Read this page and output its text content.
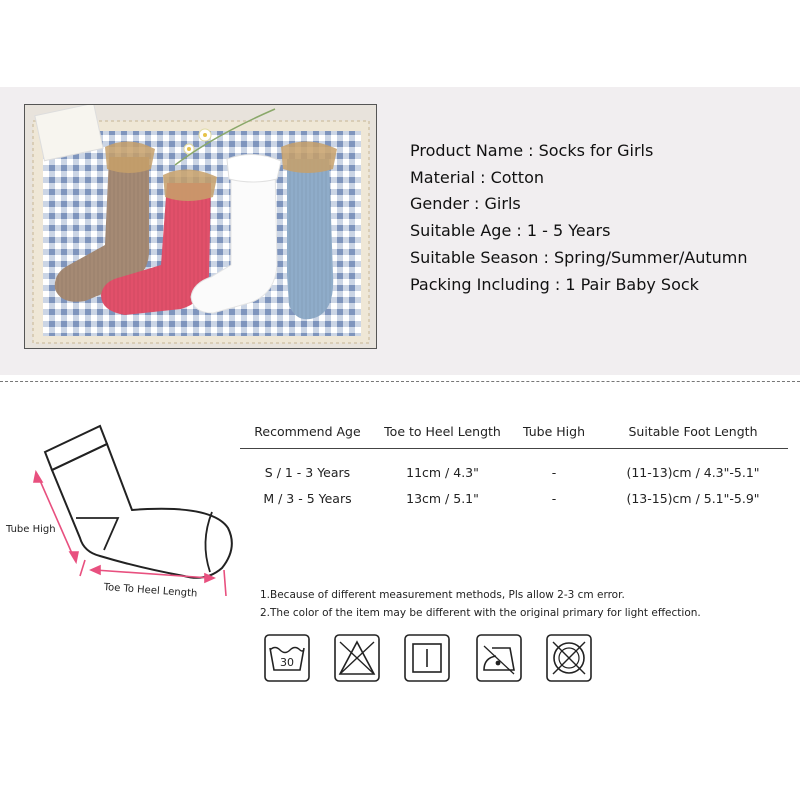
Product Name : Socks for Girls
Material : Cotton
Gender : Girls
Suitable Age : 1 - 5 Years
Suitable Season : Spring/Summer/Autumn
Packing Including : 1 Pair Baby Sock
Tube High
Toe To Heel Length
Recommend Age	Toe to Heel Length	Tube High	Suitable Foot Length
S / 1 - 3 Years	11cm / 4.3"	-	(11-13)cm / 4.3"-5.1"
M / 3 - 5 Years	13cm / 5.1"	-	(13-15)cm / 5.1"-5.9"
1.Because of different measurement methods, Pls allow 2-3 cm error.
2.The color of the item may be different with the original primary for light effection.
30
